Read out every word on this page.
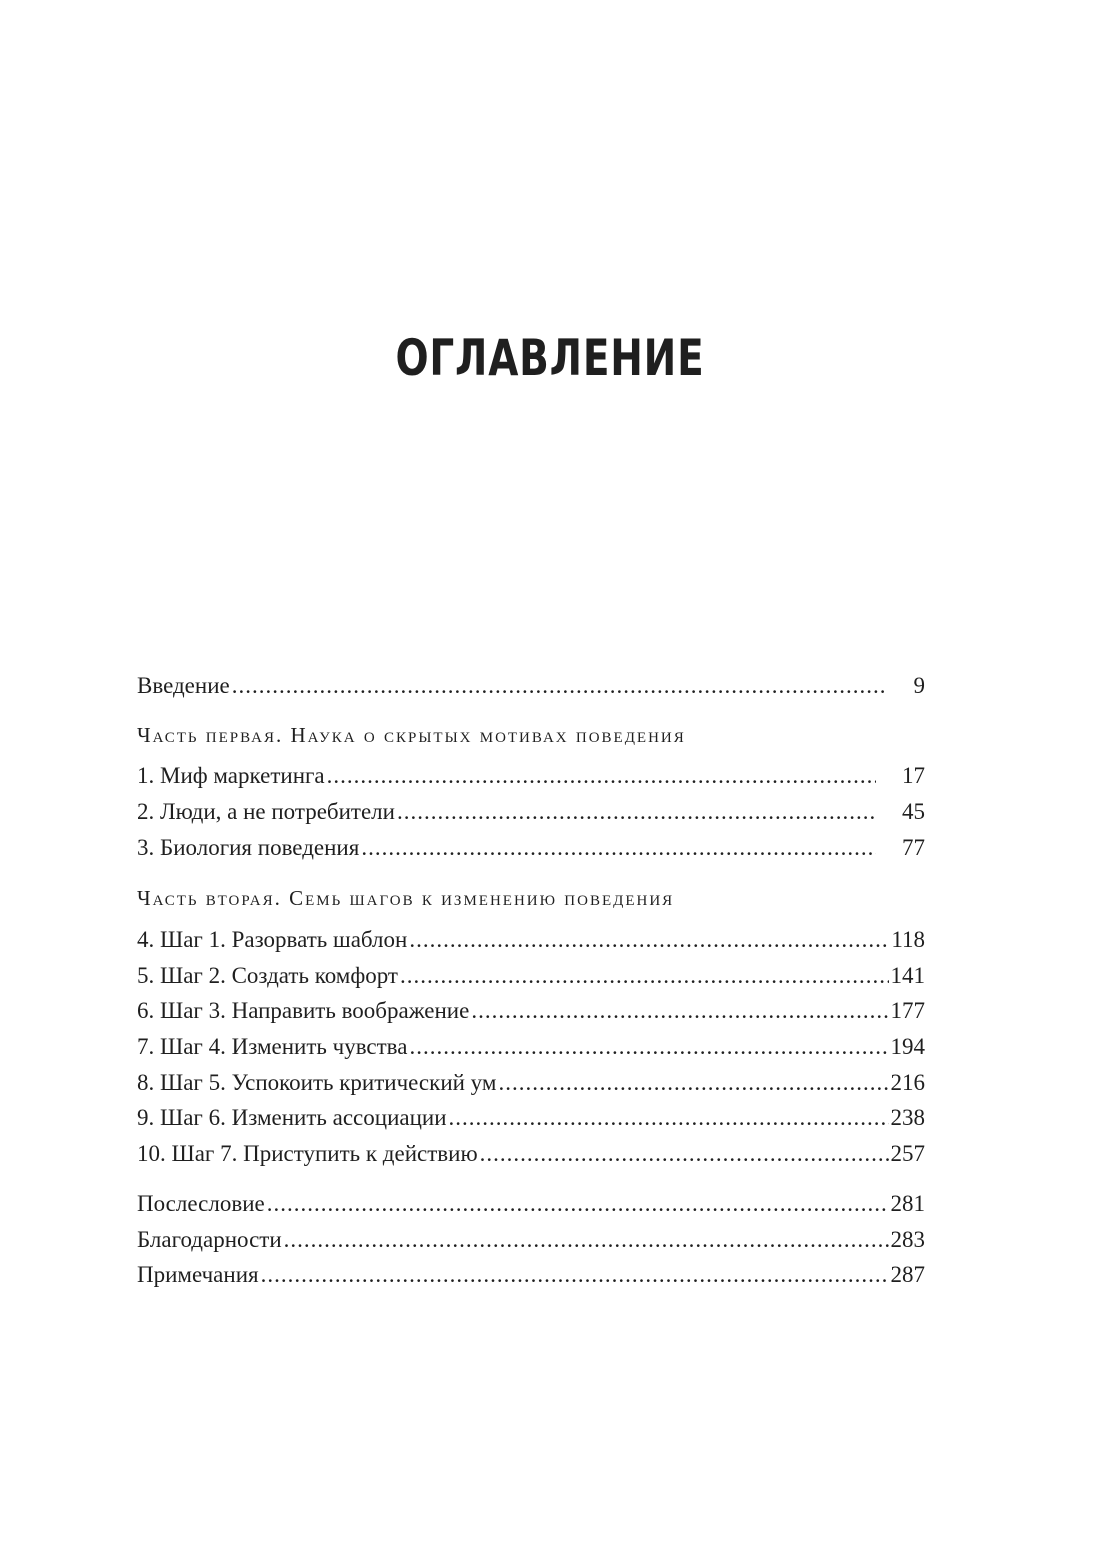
ОГЛАВЛЕНИЕ
Введение .....	9
Часть первая. Наука о скрытых мотивах поведения
1. Миф маркетинга .....	17
2. Люди, а не потребители .....	45
3. Биология поведения .....	77
Часть вторая. Семь шагов к изменению поведения
4. Шаг 1. Разорвать шаблон .....	118
5. Шаг 2. Создать комфорт .....	141
6. Шаг 3. Направить воображение .....	177
7. Шаг 4. Изменить чувства .....	194
8. Шаг 5. Успокоить критический ум .....	216
9. Шаг 6. Изменить ассоциации .....	238
10. Шаг 7. Приступить к действию .....	257
Послесловие .....	281
Благодарности .....	283
Примечания .....	287
